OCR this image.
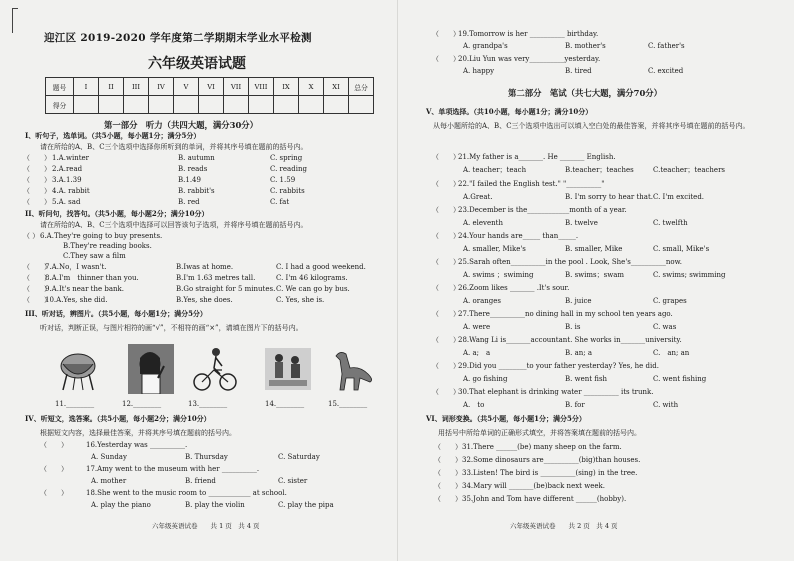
迎江区 2019-2020 学年度第二学期期末学业水平检测
六年级英语试题
题号	I	II	III	IV	V	VI	VII	VIII	IX	X	XI	总分
得分												
第一部分　听力（共四大题，满分30分）
I、听句子，选单词。（共5小题，每小题1分；满分5分）
请在所给的A、B、C三个选项中选择你所听到的单词，并将其序号填在题前的括号内。
（　　） 1.A.winter	B. autumn	C. spring
（　　） 2.A.read	B. reads	C. reading
（　　） 3.A.1.39	B.1.49	C. 1.59
（　　） 4.A. rabbit	B. rabbit's	C. rabbits
（　　） 5.A. sad	B. red	C. fat
II、听问句，找答句。（共5小题，每小题2分；满分10分）
请在所给的A、B、C三个选项中选择可以回答该句子选项，并将序号填在题前括号内。
（ ） 6.A.They're going to buy presents.
B.They're reading books.
C.They saw a film
（　　）
7.A.No，I wasn't.	B.Iwas at home.	C. I had a good weekend.
（　　）
8.A.I'm　thinner than you.	B.I'm 1.63 metres tall.	C. I'm 46 kilograms.
（　　）
9.A.It's near the bank.	B.Go straight for 5 minutes. C. We can go by bus.
（　　）
10.A.Yes, she did.	B.Yes, she does.	C. Yes, she is.
III、听对话，辨图片。（共5小题，每小题1分；满分5分）
听对话，判断正误，与图片相符的画“√”，不相符的画“×”，请填在图片下的括号内。
11.________	12.________	13.________	14.________	15.________
IV、听短文，选答案。（共5小题，每小题2分；满分10分）
根据短文内容，选择最佳答案，并将其序号填在题前的括号内。
（　　）	16.Yesterday was __________.
A. Sunday	B. Thursday	C. Saturday
（　　）	17.Amy went to the museum with her __________.
A. mother	B. friend	C. sister
（　　）	18.She went to the music room to ____________ at school.
A. play the piano	B. play the violin	C. play the pipa
六年级英语试卷　　共 1 页　共 4 页
（　　）
19.Tomorrow is her __________ birthday.
A. grandpa's	B. mother's	C. father's
（　　）
20.Liu Yun was very__________yesterday.
A. happy	B. tired	C. excited
第二部分　笔试（共七大题，满分70分）
V、单项选择。（共10小题，每小题1分；满分10分）
从每小题所给的A、B、C三个选项中选出可以填入空白处的最佳答案，并将其序号填在题前的括号内。
（　　）
21.My father is a_______. He _______ English.
A. teacher；teach	B.teacher；teaches	C.teacher；teachers
（　　）
22."I failed the English test." "__________"
A.Great.	B. I'm sorry to hear that. C. I'm excited.
（　　）
23.December is the____________month of a year.
A. eleventh	B. twelve	C. twelfth
（　　）
24.Your hands are_____ than_____.
A. smaller, Mike's	B. smaller, Mike	C. small, Mike's
（　　）
25.Sarah often__________in the pool . Look, She's__________now.
A. swims ；swiming	B. swims；swam	C. swims; swimming
（　　）
26.Zoom likes _______ .It's sour.
A. oranges	B. juice	C. grapes
（　　）
27.There__________no dining hall in my school ten years ago.
A. were	B. is	C. was
（　　）
28.Wang Li is_______accountant. She works in_______university.
A. a;　a	B. an; a	C.　an; an
（　　）
29.Did you ________to your father yesterday? Yes, he did.
A. go fishing	B. went fish	C. went fishing
（　　）
30.That elephant is drinking water __________ its trunk.
A.　to	B. for	C. with
VI、词形变换。（共5小题，每小题1分；满分5分）
用括号中所给单词的正确形式填空，并将答案填在题前的括号内。
（　　） 31.There ______(be) many sheep on the farm.
（　　） 32.Some dinosaurs are__________(big)than houses.
（　　） 33.Listen! The bird is __________(sing) in the tree.
（　　） 34.Mary will _______(be)back next week.
（　　） 35.John and Tom have different ______(hobby).
六年级英语试卷　　共 2 页　共 4 页
